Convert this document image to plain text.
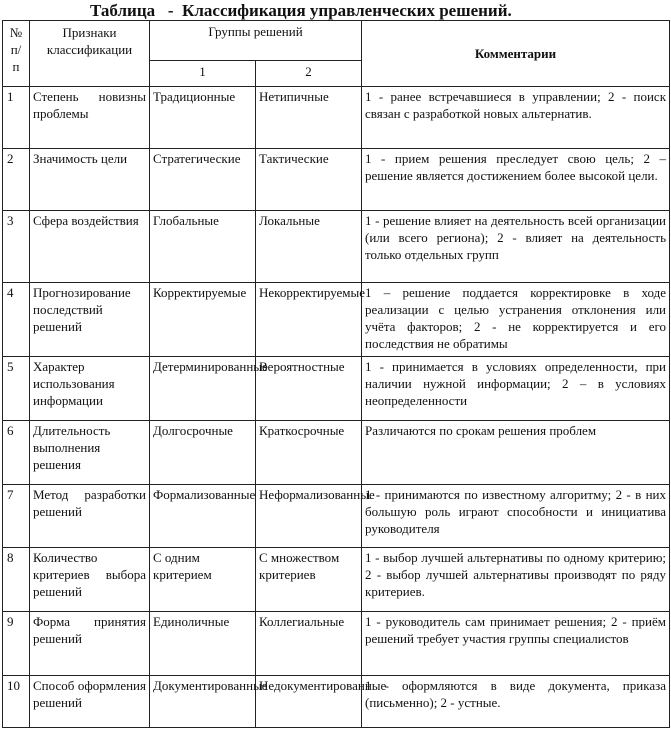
Таблица   -  Классификация управленческих решений.
№ п/ п	Признаки классификации	Группы решений		Комментарии
		1	2	
1	Степень новизны проблемы	Традиционные	Нетипичные	1 - ранее встречавшиеся в управлении; 2 - поиск связан с разработкой новых альтернатив.
2	Значимость цели	Стратегические	Тактические	1 - прием решения преследует свою цель; 2 – решение является достижением более высокой цели.
3	Сфера воздействия	Глобальные	Локальные	1 - решение влияет на деятельность всей организации (или всего региона); 2 - влияет на деятельность только отдельных групп
4	Прогнозирование последствий решений	Корректируемые	Некорректируемые	1 – решение поддается корректировке в ходе реализации с целью устранения отклонения или учёта факторов; 2 - не корректируется и его последствия не обратимы
5	Характер использования информации	Детерминированные	Вероятностные	1 - принимается в условиях определенности, при наличии нужной информации; 2 – в условиях неопределенности
6	Длительность выполнения решения	Долгосрочные	Краткосрочные	Различаются по срокам решения проблем
7	Метод разработки решений	Формализованные	Неформализованные	1 - принимаются по известному алгоритму; 2 - в них большую роль играют способности и инициатива руководителя
8	Количество критериев выбора решений	С одним критерием	С множеством критериев	1 - выбор лучшей альтернативы по одному критерию; 2 - выбор лучшей альтернативы производят по ряду критериев.
9	Форма принятия решений	Единоличные	Коллегиальные	1 - руководитель сам принимает решения; 2 - приём решений требует участия группы специалистов
10	Способ оформления решений	Документированные	Недокументированные	1 - оформляются в виде документа, приказа (письменно); 2 - устные.
